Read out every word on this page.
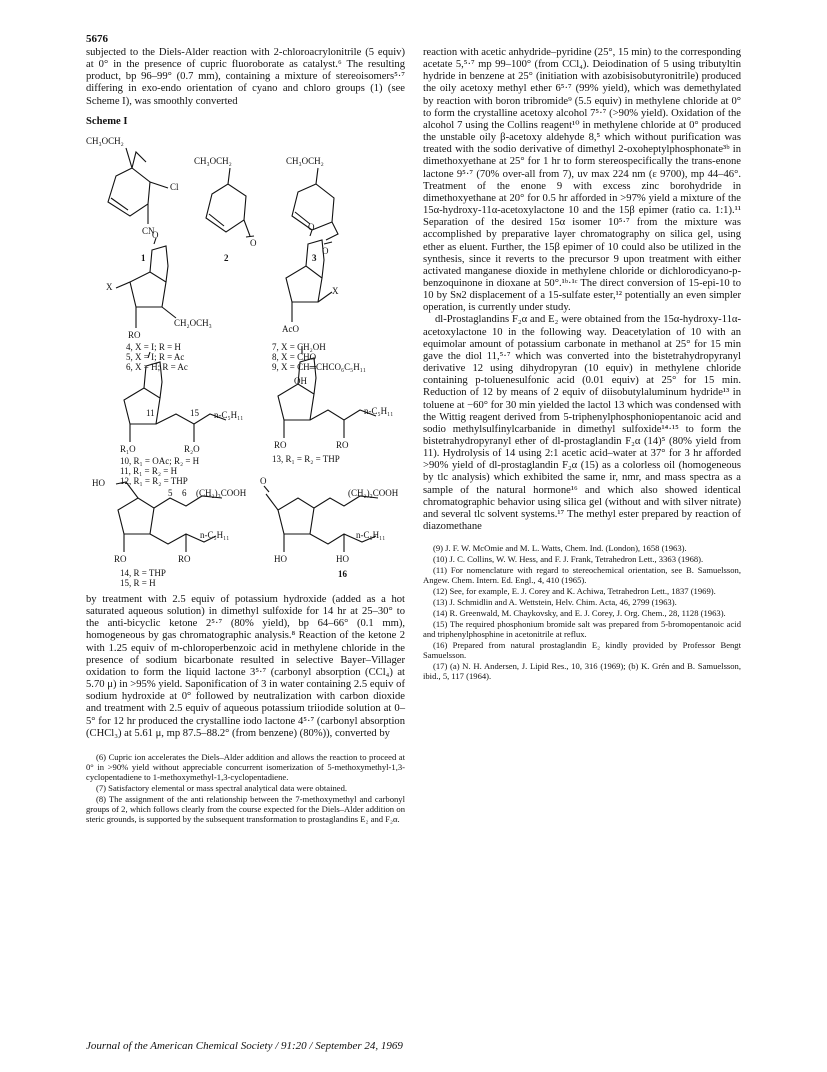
5676

subjected to the Diels-Alder reaction with 2-chloroacrylonitrile (5 equiv) at 0° in the presence of cupric fluoroborate as catalyst.⁶ The resulting product, bp 96–99° (0.7 mm), containing a mixture of stereoisomers⁵·⁷ differing in exo-endo orientation of cyano and chloro groups (1) (see Scheme I), was smoothly converted

Scheme I
CH₃OCH₂
CH₃OCH₂	CH₃OCH₂
Cl
CN
O
O
1	2	3
O
X
CH₂OCH₃
RO
O
X
AcO
4, X = I; R = H
5, X = I; R = Ac
6, X = H; R = Ac
7, X = CH₂OH
8, X = CHO
9, X = CH═CHCO₆C₅H₁₁
OH
11	15 n-C₅H₁₁	n-C₅H₁₁
R₁O	R₂O	RO	RO
10, R₁ = OAc; R₂ = H
11, R₁ = R₂ = H
12, R₁ = R₂ = THP
13, R₁ = R₂ = THP
HO
5 6 (CH₂)₃COOH
n-C₅H₁₁
RO	RO
O
(CH₂)₃COOH
n-C₅H₁₁
HO	HO
14, R = THP
15, R = H
16

by treatment with 2.5 equiv of potassium hydroxide (added as a hot saturated aqueous solution) in dimethyl sulfoxide for 14 hr at 25–30° to the anti-bicyclic ketone 2⁵·⁷ (80% yield), bp 64–66° (0.1 mm), homogeneous by gas chromatographic analysis.⁸ Reaction of the ketone 2 with 1.25 equiv of m-chloroperbenzoic acid in methylene chloride in the presence of sodium bicarbonate resulted in selective Bayer–Villager oxidation to form the liquid lactone 3⁵·⁷ (carbonyl absorption (CCl₄) at 5.70 μ) in >95% yield. Saponification of 3 in water containing 2.5 equiv of sodium hydroxide at 0° followed by neutralization with carbon dioxide and treatment with 2.5 equiv of aqueous potassium triiodide solution at 0–5° for 12 hr produced the crystalline iodo lactone 4⁵·⁷ (carbonyl absorption (CHCl₃) at 5.61 μ, mp 87.5–88.2° (from benzene) (80%)), converted by

(6) Cupric ion accelerates the Diels–Alder addition and allows the reaction to proceed at 0° in >90% yield without appreciable concurrent isomerization of 5-methoxymethyl-1,3-cyclopentadiene to 1-methoxymethyl-1,3-cyclopentadiene.

(7) Satisfactory elemental or mass spectral analytical data were obtained.

(8) The assignment of the anti relationship between the 7-methoxymethyl and carbonyl groups of 2, which follows clearly from the course expected for the Diels–Alder addition on steric grounds, is supported by the subsequent transformation to prostaglandins E₂ and F₂α.

reaction with acetic anhydride–pyridine (25°, 15 min) to the corresponding acetate 5,⁵·⁷ mp 99–100° (from CCl₄). Deiodination of 5 using tributyltin hydride in benzene at 25° (initiation with azobisisobutyronitrile) produced the oily acetoxy methyl ether 6⁵·⁷ (99% yield), which was demethylated by reaction with boron tribromide⁹ (5.5 equiv) in methylene chloride at 0° to form the crystalline acetoxy alcohol 7⁵·⁷ (>90% yield). Oxidation of the alcohol 7 using the Collins reagent¹⁰ in methylene chloride at 0° produced the unstable oily β-acetoxy aldehyde 8,⁵ which without purification was treated with the sodio derivative of dimethyl 2-oxoheptylphosphonate³ᵇ in dimethoxyethane at 25° for 1 hr to form stereospecifically the trans-enone lactone 9⁵·⁷ (70% over-all from 7), uv max 224 nm (ε 9700), mp 44–46°. Treatment of the enone 9 with excess zinc borohydride in dimethoxyethane at 20° for 0.5 hr afforded in >97% yield a mixture of the 15α-hydroxy-11α-acetoxylactone 10 and the 15β epimer (ratio ca. 1:1).¹¹ Separation of the desired 15α isomer 10⁵·⁷ from the mixture was accomplished by preparative layer chromatography on silica gel, using ether as eluent. Further, the 15β epimer of 10 could also be utilized in the synthesis, since it reverts to the precursor 9 upon treatment with either activated manganese dioxide in methylene chloride or dichlorodicyano-p-benzoquinone in dioxane at 50°.¹ᵇ·¹ᶜ The direct conversion of 15-epi-10 to 10 by Sɴ2 displacement of a 15-sulfate ester,¹² potentially an even simpler operation, is currently under study.

dl-Prostaglandins F₂α and E₂ were obtained from the 15α-hydroxy-11α-acetoxylactone 10 in the following way. Deacetylation of 10 with an equimolar amount of potassium carbonate in methanol at 25° for 15 min gave the diol 11,⁵·⁷ which was converted into the bistetrahydropyranyl derivative 12 using dihydropyran (10 equiv) in methylene chloride containing p-toluenesulfonic acid (0.01 equiv) at 25° for 15 min. Reduction of 12 by means of 2 equiv of diisobutylaluminum hydride¹³ in toluene at −60° for 30 min yielded the lactol 13 which was condensed with the Wittig reagent derived from 5-triphenylphosphoniopentanoic acid and sodio methylsulfinylcarbanide in dimethyl sulfoxide¹⁴·¹⁵ to form the bistetrahydropyranyl ether of dl-prostaglandin F₂α (14)⁵ (80% yield from 11). Hydrolysis of 14 using 2:1 acetic acid–water at 37° for 3 hr afforded >90% yield of dl-prostaglandin F₂α (15) as a colorless oil (homogeneous by tlc analysis) which exhibited the same ir, nmr, and mass spectra as a sample of the natural hormone¹⁶ and which also showed identical chromatographic behavior using silica gel (without and with silver nitrate) and several tlc solvent systems.¹⁷ The methyl ester prepared by reaction of diazomethane

(9) J. F. W. McOmie and M. L. Watts, Chem. Ind. (London), 1658 (1963).

(10) J. C. Collins, W. W. Hess, and F. J. Frank, Tetrahedron Lett., 3363 (1968).

(11) For nomenclature with regard to stereochemical orientation, see B. Samuelsson, Angew. Chem. Intern. Ed. Engl., 4, 410 (1965).

(12) See, for example, E. J. Corey and K. Achiwa, Tetrahedron Lett., 1837 (1969).

(13) J. Schmidlin and A. Wettstein, Helv. Chim. Acta, 46, 2799 (1963).

(14) R. Greenwald, M. Chaykovsky, and E. J. Corey, J. Org. Chem., 28, 1128 (1963).

(15) The required phosphonium bromide salt was prepared from 5-bromopentanoic acid and triphenylphosphine in acetonitrile at reflux.

(16) Prepared from natural prostaglandin E₂ kindly provided by Professor Bengt Samuelsson.

(17) (a) N. H. Andersen, J. Lipid Res., 10, 316 (1969); (b) K. Grén and B. Samuelsson, ibid., 5, 117 (1964).

Journal of the American Chemical Society / 91:20 / September 24, 1969
